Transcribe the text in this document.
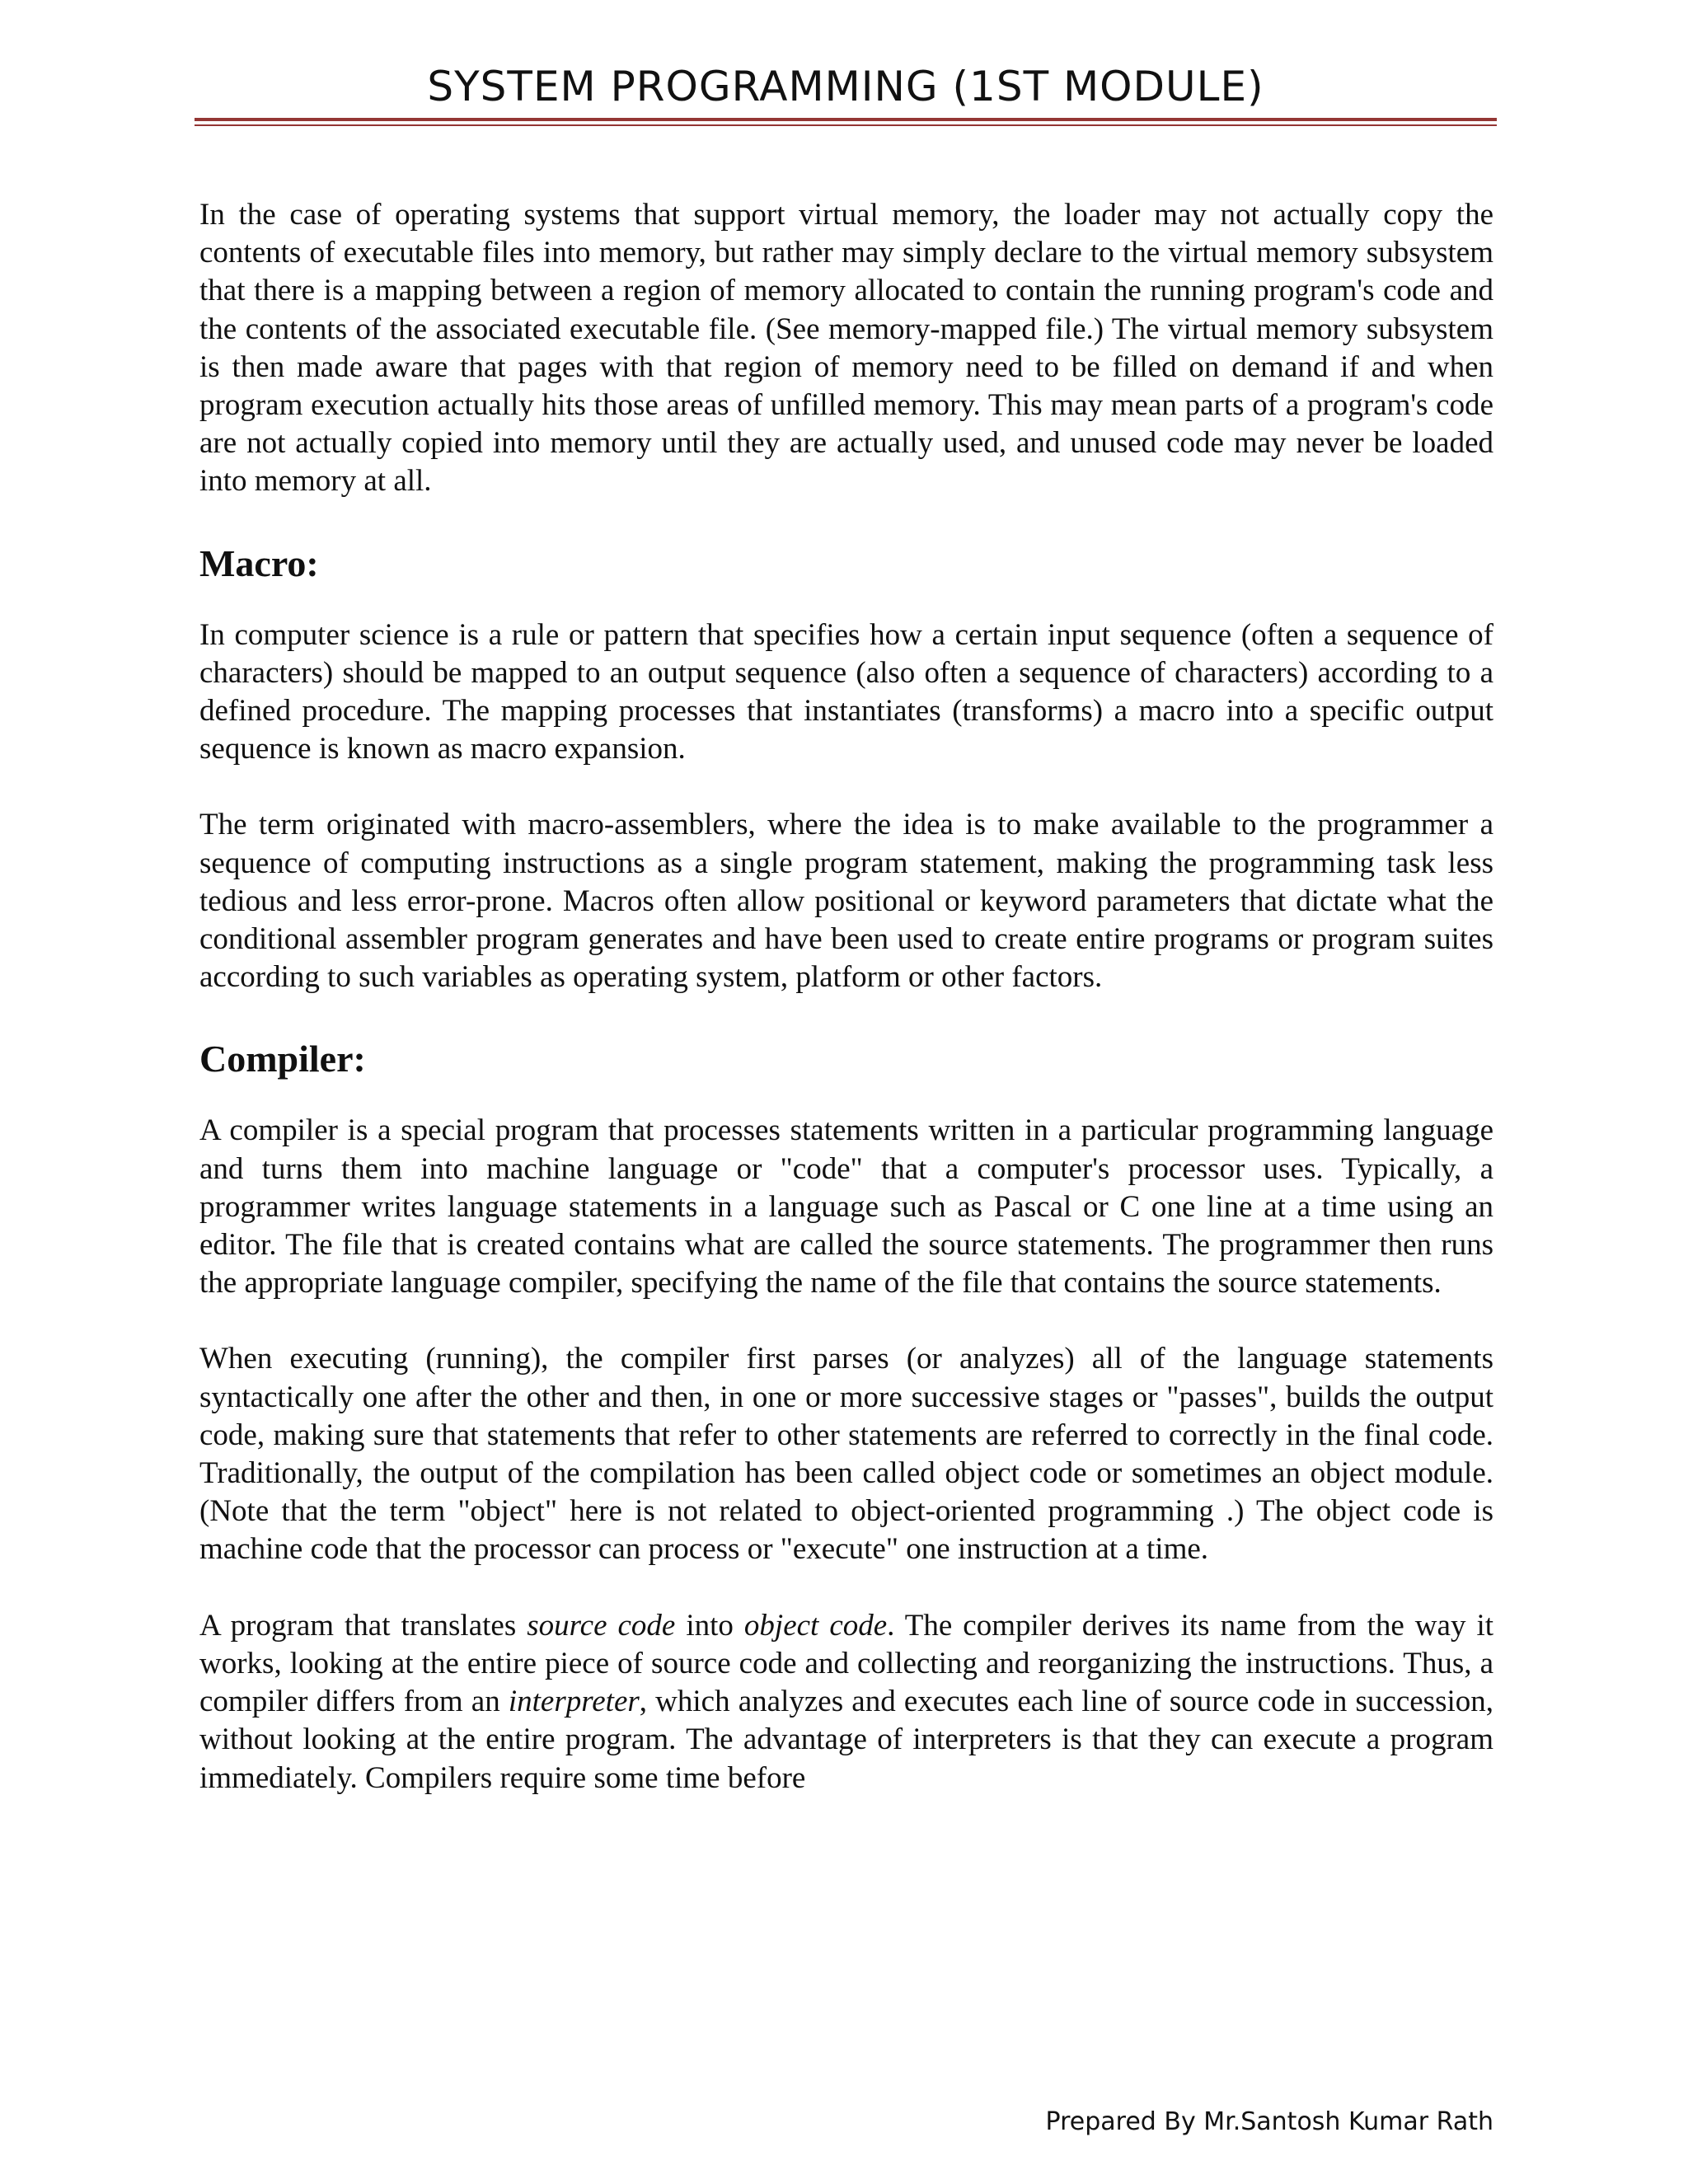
SYSTEM PROGRAMMING (1ST MODULE)

In the case of operating systems that support virtual memory, the loader may not actually copy the contents of executable files into memory, but rather may simply declare to the virtual memory subsystem that there is a mapping between a region of memory allocated to contain the running program's code and the contents of the associated executable file. (See memory-mapped file.) The virtual memory subsystem is then made aware that pages with that region of memory need to be filled on demand if and when program execution actually hits those areas of unfilled memory. This may mean parts of a program's code are not actually copied into memory until they are actually used, and unused code may never be loaded into memory at all.

Macro:

In computer science is a rule or pattern that specifies how a certain input sequence (often a sequence of characters) should be mapped to an output sequence (also often a sequence of characters) according to a defined procedure. The mapping processes that instantiates (transforms) a macro into a specific output sequence is known as macro expansion.

The term originated with macro-assemblers, where the idea is to make available to the programmer a sequence of computing instructions as a single program statement, making the programming task less tedious and less error-prone. Macros often allow positional or keyword parameters that dictate what the conditional assembler program generates and have been used to create entire programs or program suites according to such variables as operating system, platform or other factors.

Compiler:

A compiler is a special program that processes statements written in a particular programming language and turns them into machine language or "code" that a computer's processor uses. Typically, a programmer writes language statements in a language such as Pascal or C one line at a time using an editor. The file that is created contains what are called the source statements. The programmer then runs the appropriate language compiler, specifying the name of the file that contains the source statements.

When executing (running), the compiler first parses (or analyzes) all of the language statements syntactically one after the other and then, in one or more successive stages or "passes", builds the output code, making sure that statements that refer to other statements are referred to correctly in the final code. Traditionally, the output of the compilation has been called object code or sometimes an object module. (Note that the term "object" here is not related to object-oriented programming .) The object code is machine code that the processor can process or "execute" one instruction at a time.

A program that translates source code into object code. The compiler derives its name from the way it works, looking at the entire piece of source code and collecting and reorganizing the instructions. Thus, a compiler differs from an interpreter, which analyzes and executes each line of source code in succession, without looking at the entire program. The advantage of interpreters is that they can execute a program immediately. Compilers require some time before

Prepared By Mr.Santosh Kumar Rath
